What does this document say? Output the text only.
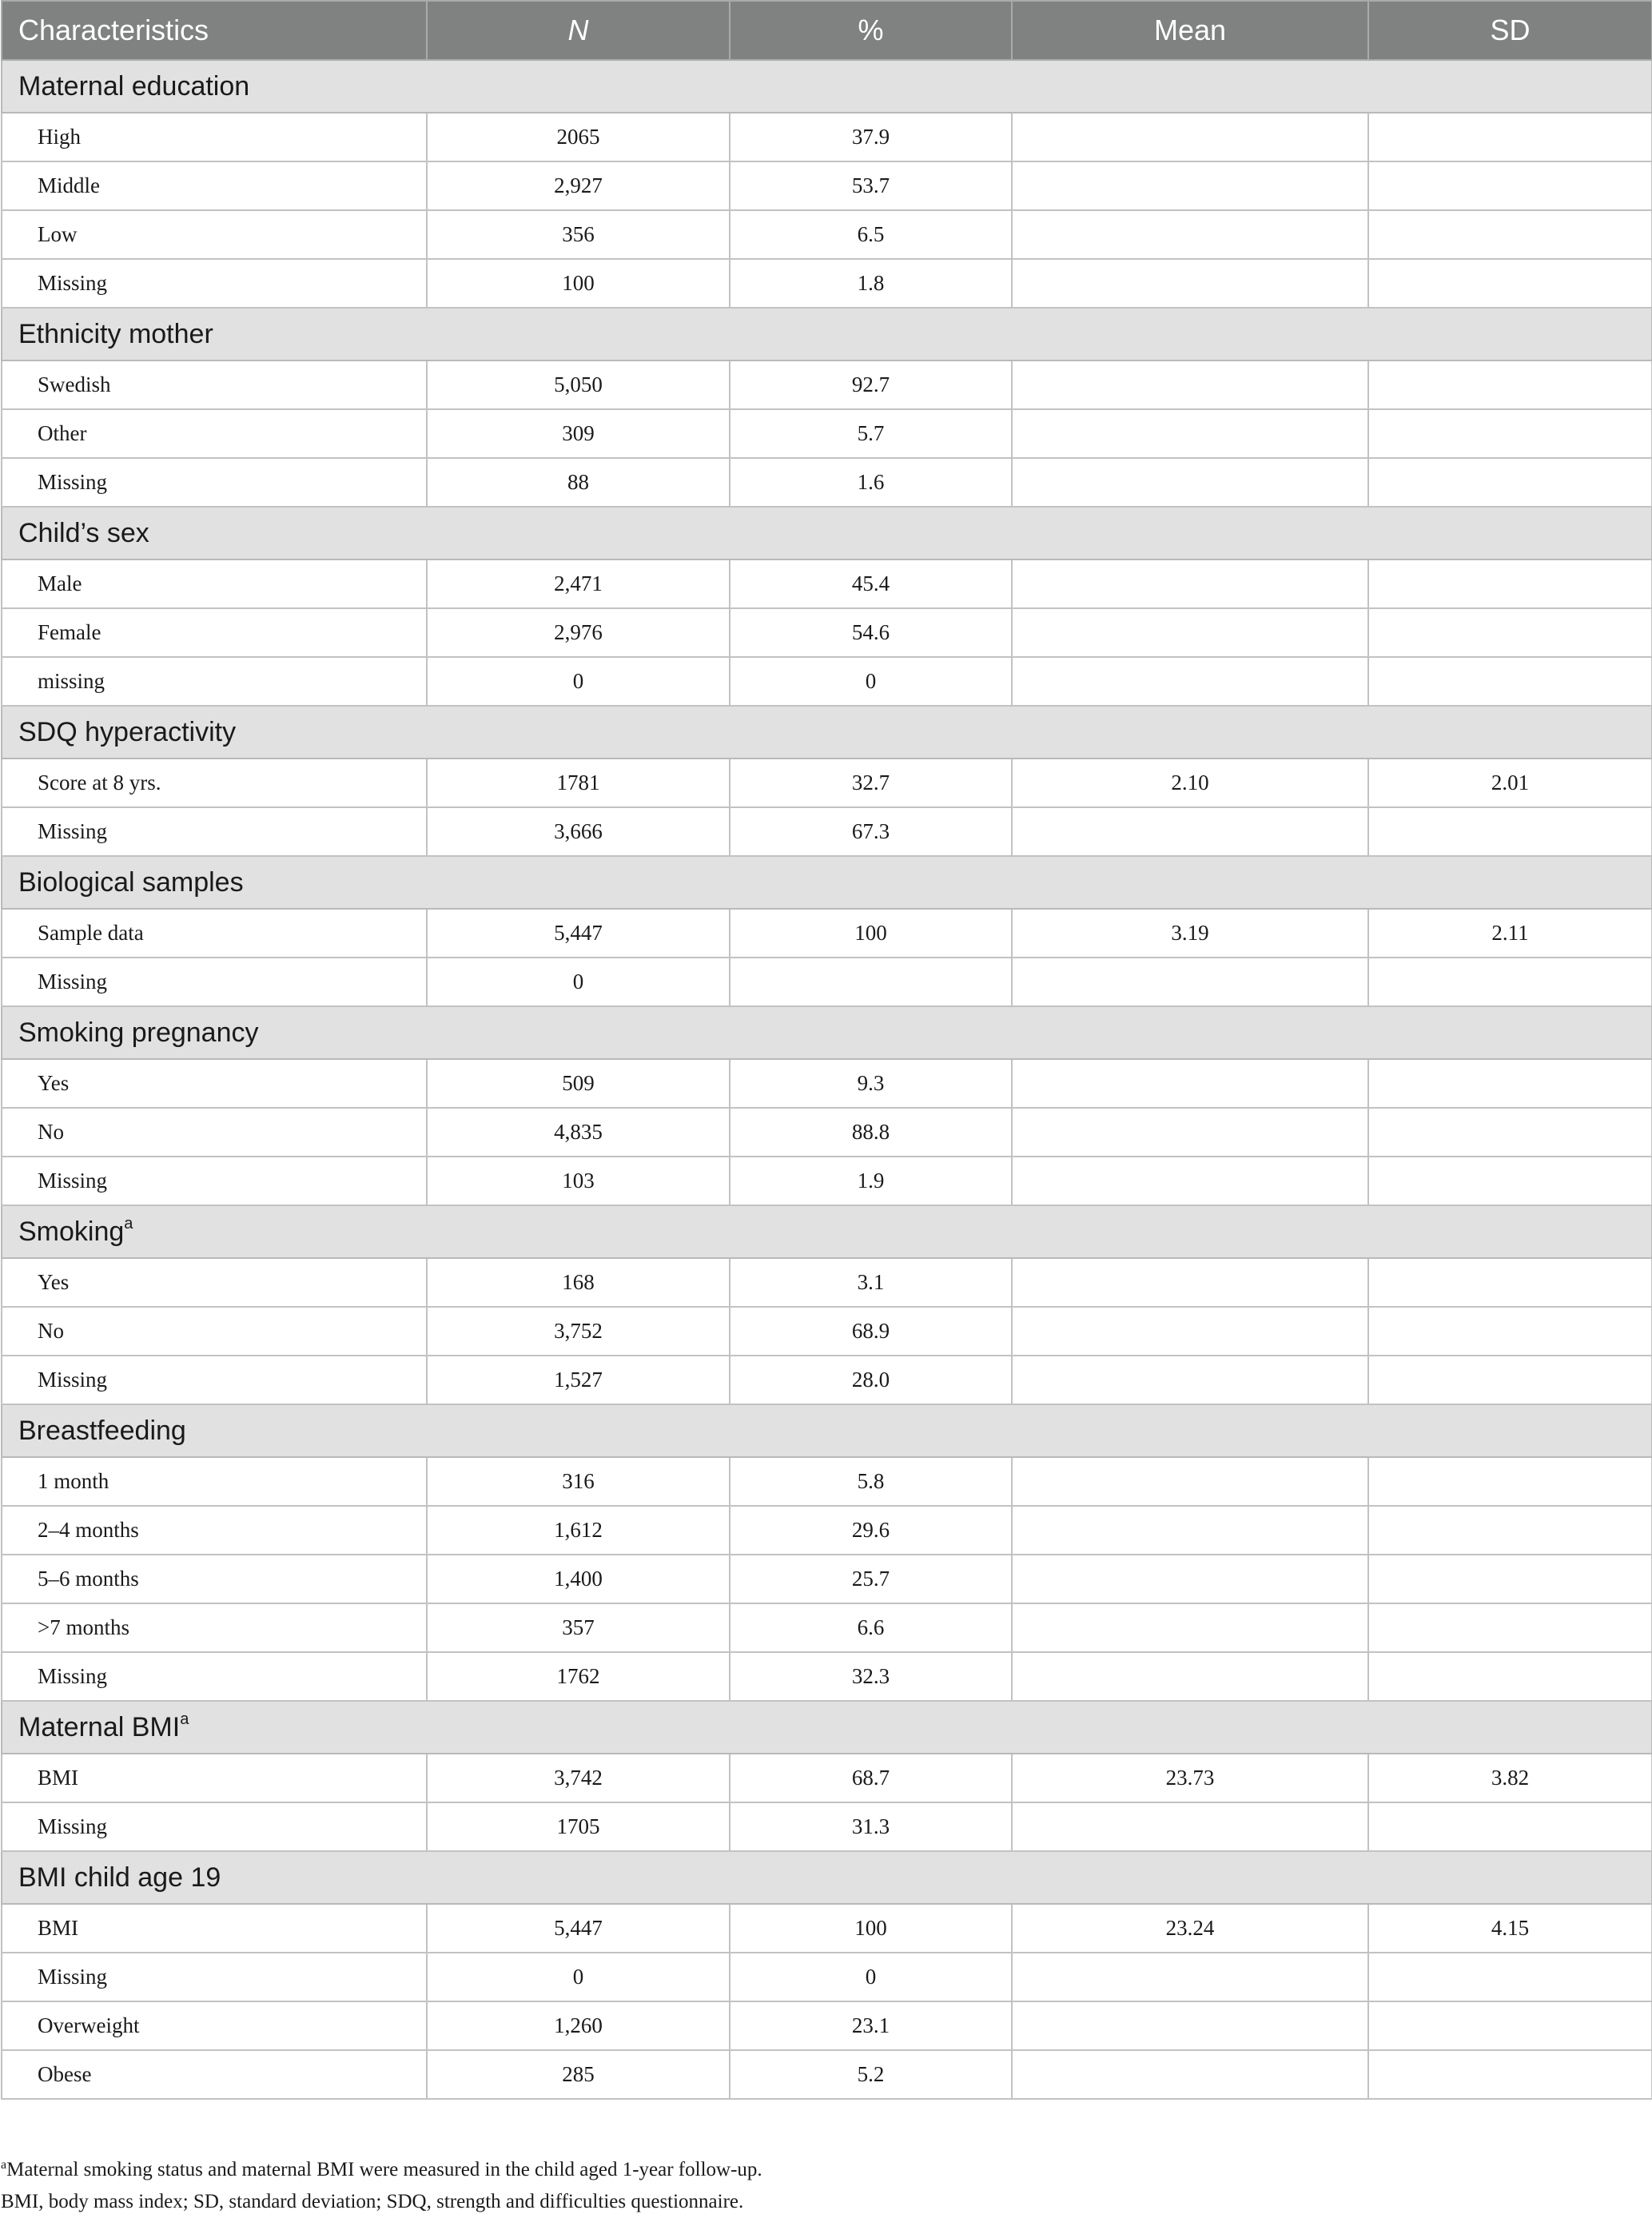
Characteristics	N	%	Mean	SD
Maternal education				
High	2065	37.9		
Middle	2,927	53.7		
Low	356	6.5		
Missing	100	1.8		
Ethnicity mother				
Swedish	5,050	92.7		
Other	309	5.7		
Missing	88	1.6		
Child’s sex				
Male	2,471	45.4		
Female	2,976	54.6		
missing	0	0		
SDQ hyperactivity				
Score at 8 yrs.	1781	32.7	2.10	2.01
Missing	3,666	67.3		
Biological samples				
Sample data	5,447	100	3.19	2.11
Missing	0			
Smoking pregnancy				
Yes	509	9.3		
No	4,835	88.8		
Missing	103	1.9		
Smoking$^a$
Yes	168	3.1		
No	3,752	68.9		
Missing	1,527	28.0		
Breastfeeding				
1 month	316	5.8		
2–4 months	1,612	29.6		
5–6 months	1,400	25.7		
>7 months	357	6.6		
Missing	1762	32.3		
Maternal BMI$^a$
BMI	3,742	68.7	23.73	3.82
Missing	1705	31.3		
BMI child age 19				
BMI	5,447	100	23.24	4.15
Missing	0	0		
Overweight	1,260	23.1		
Obese	285	5.2		
$^a$Maternal smoking status and maternal BMI were measured in the child aged 1-year follow-up.
BMI, body mass index; SD, standard deviation; SDQ, strength and difficulties questionnaire.
